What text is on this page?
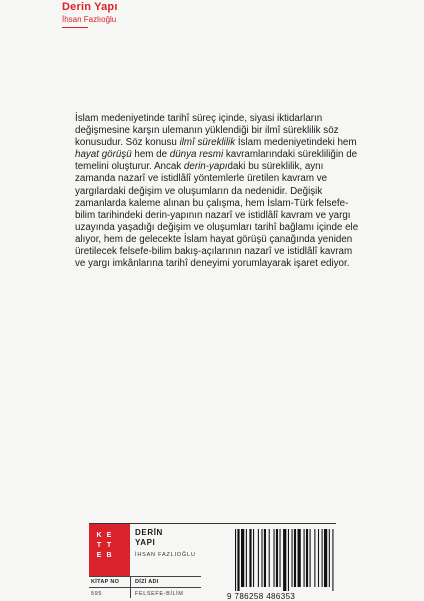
Derin Yapı
İhsan Fazlıoğlu

İslam medeniyetinde tarihî süreç içinde, siyasi iktidarların değişmesine karşın ulemanın yüklendiği bir ilmî süreklilik söz konusudur. Söz konusu ilmî süreklilik İslam medeniyetindeki hem hayat görüşü hem de dünya resmi kavramlarındaki sürekliliğin de temelini oluşturur. Ancak derin-yapıdaki bu süreklilik, aynı zamanda nazarî ve istidlâlî yöntemlerle üretilen kavram ve yargılardaki değişim ve oluşumların da nedenidir. Değişik zamanlarda kaleme alınan bu çalışma, hem İslam-Türk felsefe-bilim tarihindeki derin-yapının nazarî ve istidlâlî kavram ve yargı uzayında yaşadığı değişim ve oluşumları tarihî bağlamı içinde ele alıyor, hem de gelecekte İslam hayat görüşü çanağında yeniden üretilecek felsefe-bilim bakış-açılarının nazarî ve istidlâlî kavram ve yargı imkânlarına tarihî deneyimi yorumlayarak işaret ediyor.

K
T
E
E
T
B
DERİN
YAPI
İHSAN FAZLIOĞLU
KİTAP NO	DİZİ ADI
595	FELSEFE-BİLİM	9 786258 486353
